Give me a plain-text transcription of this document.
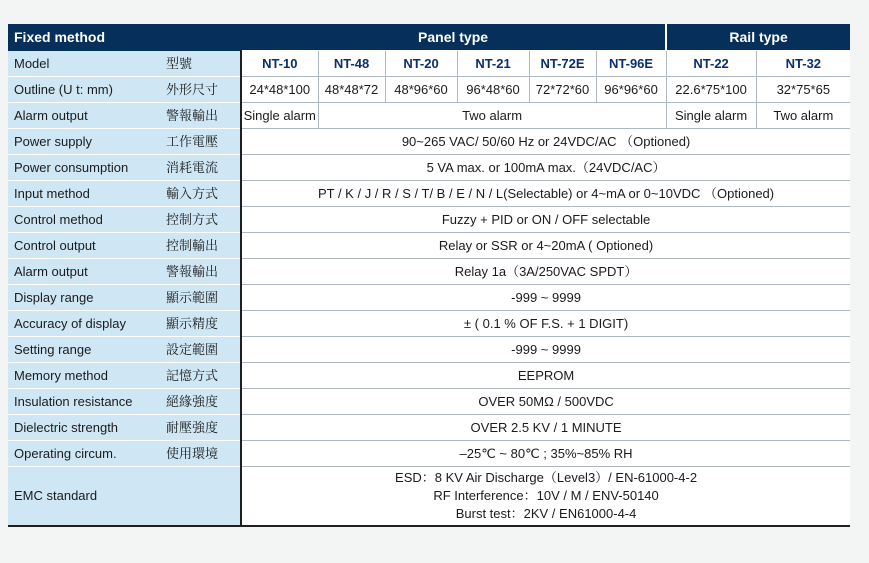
Fixed method		Panel type						Rail type	
Model	型號	NT-10	NT-48	NT-20	NT-21	NT-72E	NT-96E	NT-22	NT-32
Outline (U t: mm)	外形尺寸	24*48*100	48*48*72	48*96*60	96*48*60	72*72*60	96*96*60	22.6*75*100	32*75*65
Alarm output	警報輸出	Single alarm	Two alarm					Single alarm	Two alarm
Power supply	工作電壓	90~265 VAC/ 50/60 Hz or 24VDC/AC （Optioned)							
Power consumption	消耗電流	5 VA max. or 100mA max.（24VDC/AC）							
Input method	輸入方式	PT / K / J / R / S / T/ B / E / N / L(Selectable) or 4~mA or 0~10VDC （Optioned)							
Control method	控制方式	Fuzzy + PID or ON / OFF selectable							
Control output	控制輸出	Relay or SSR or 4~20mA ( Optioned)							
Alarm output	警報輸出	Relay 1a（3A/250VAC SPDT）							
Display range	顯示範圍	-999 ~ 9999							
Accuracy of display	顯示精度	± ( 0.1 % OF F.S. + 1 DIGIT)							
Setting range	設定範圍	-999 ~ 9999							
Memory method	記憶方式	EEPROM							
Insulation resistance	絕緣強度	OVER 50MΩ / 500VDC							
Dielectric strength	耐壓強度	OVER 2.5 KV / 1 MINUTE							
Operating circum.	使用環境	–25℃ ~ 80℃ ; 35%~85% RH							
EMC standard		ESD：8 KV Air Discharge（Level3）/ EN-61000-4-2
RF Interference：10V / M / ENV-50140
Burst test：2KV / EN61000-4-4							
